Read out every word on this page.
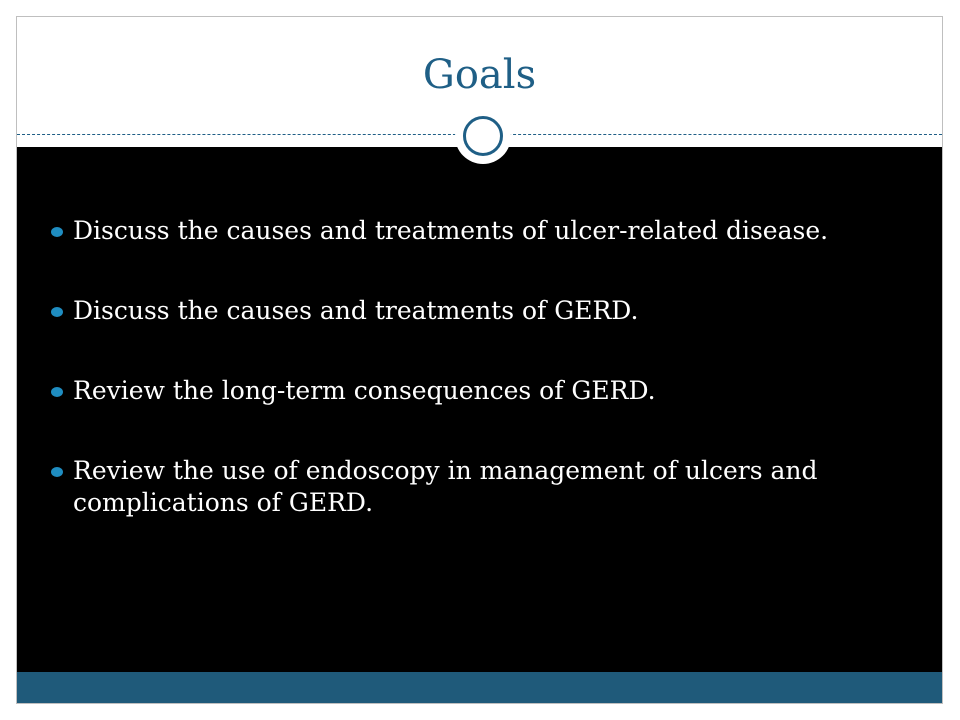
Goals
Discuss the causes and treatments of ulcer-related disease.
Discuss the causes and treatments of GERD.
Review the long-term consequences of GERD.
Review the use of endoscopy in management of ulcers and complications of GERD.
